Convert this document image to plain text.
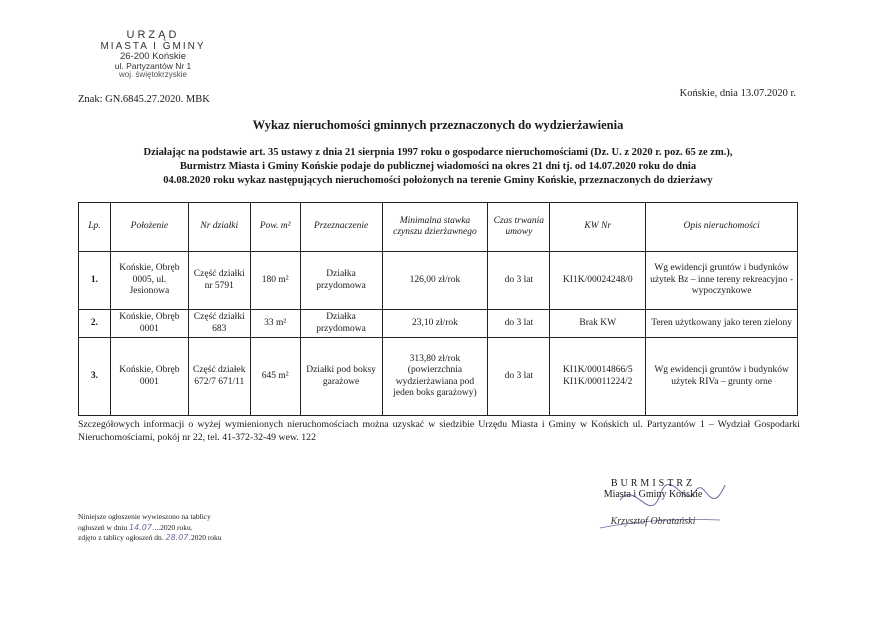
URZĄD
MIASTA I GMINY
26-200 Końskie
ul. Partyzantów Nr 1
woj. świętokrzyskie
Znak: GN.6845.27.2020. MBK
Końskie, dnia 13.07.2020 r.
Wykaz nieruchomości gminnych przeznaczonych do wydzierżawienia
Działając na podstawie art. 35 ustawy z dnia 21 sierpnia 1997 roku o gospodarce nieruchomościami (Dz. U. z 2020 r. poz. 65 ze zm.),
Burmistrz Miasta i Gminy Końskie podaje do publicznej wiadomości na okres 21 dni tj. od 14.07.2020 roku do dnia
04.08.2020 roku wykaz następujących nieruchomości położonych na terenie Gminy Końskie, przeznaczonych do dzierżawy
Lp.	Położenie	Nr działki	Pow. m²	Przeznaczenie	Minimalna stawka czynszu dzierżawnego	Czas trwania umowy	KW Nr	Opis nieruchomości
1.	Końskie, Obręb 0005, ul. Jesionowa	Część działki nr 5791	180 m²	Działka przydomowa	126,00 zł/rok	do 3 lat	KI1K/00024248/0	Wg ewidencji gruntów i budynków użytek Bz – inne tereny rekreacyjno - wypoczynkowe
2.	Końskie, Obręb 0001	Część działki 683	33 m²	Działka przydomowa	23,10 zł/rok	do 3 lat	Brak KW	Teren użytkowany jako teren zielony
3.	Końskie, Obręb 0001	Część działek 672/7 671/11	645 m²	Działki pod boksy garażowe	313,80 zł/rok (powierzchnia wydzierżawiana pod jeden boks garażowy)	do 3 lat	KI1K/00014866/5 KI1K/00011224/2	Wg ewidencji gruntów i budynków użytek RIVa – grunty orne
Szczegółowych informacji o wyżej wymienionych nieruchomościach można uzyskać w siedzibie Urzędu Miasta i Gminy w Końskich ul. Partyzantów 1 – Wydział Gospodarki Nieruchomościami, pokój nr 22, tel. 41-372-32-49 wew. 122
Niniejsze ogłoszenie wywieszono na tablicy
ogłoszeń w dniu 14.07....2020 roku.
zdjęto z tablicy ogłoszeń dn. 28.07.2020 roku
BURMISTRZ
Miasta i Gminy Końskie
Krzysztof Obratański
